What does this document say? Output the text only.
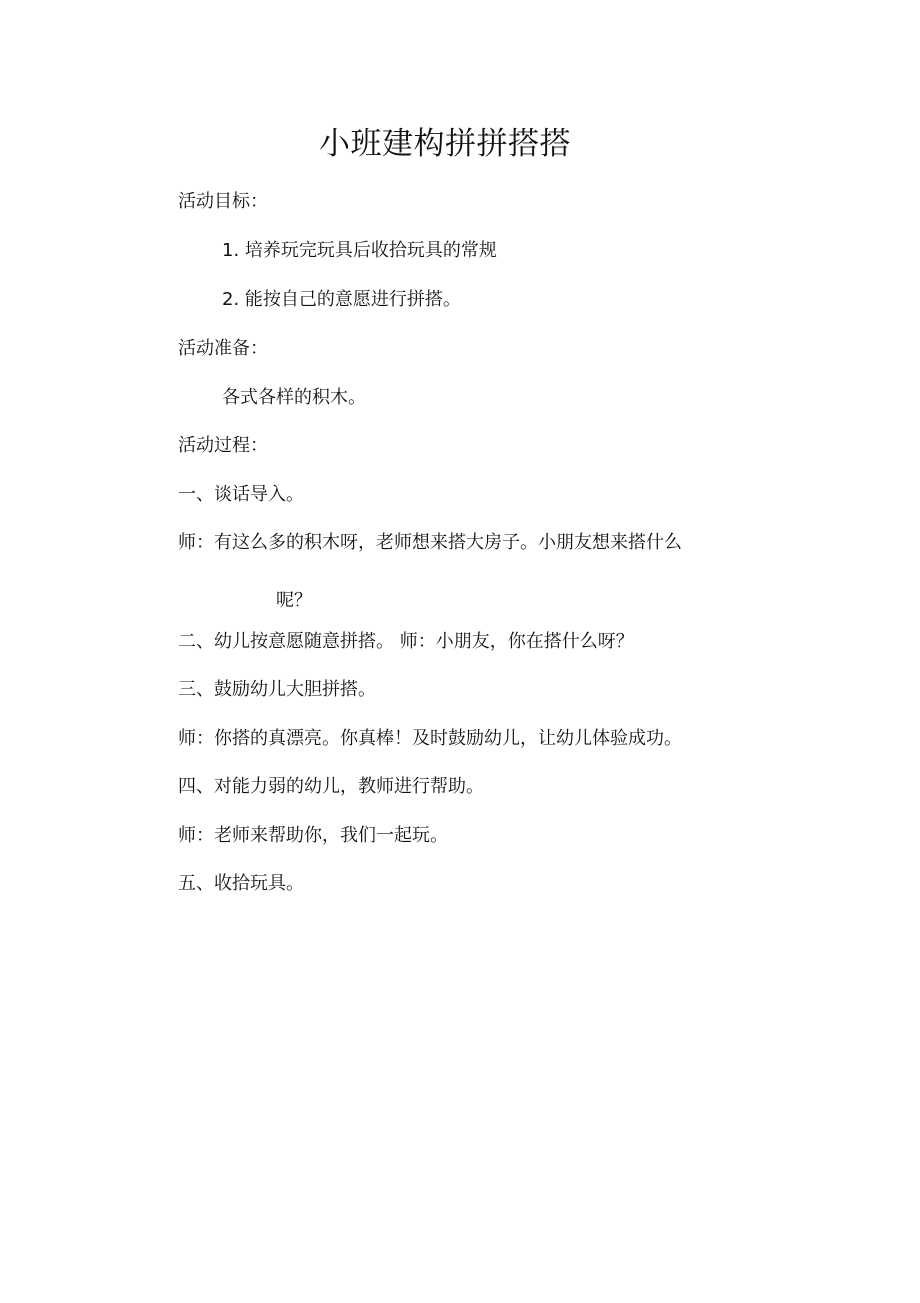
小班建构拼拼搭搭

活动目标：

1. 培养玩完玩具后收拾玩具的常规

2. 能按自己的意愿进行拼搭。

活动准备：

各式各样的积木。

活动过程：

一、谈话导入。

师：有这么多的积木呀，老师想来搭大房子。小朋友想来搭什么

呢？

二、幼儿按意愿随意拼搭。 师：小朋友，你在搭什么呀？

三、鼓励幼儿大胆拼搭。

师：你搭的真漂亮。你真棒！及时鼓励幼儿，让幼儿体验成功。

四、对能力弱的幼儿，教师进行帮助。

师：老师来帮助你，我们一起玩。

五、收拾玩具。
